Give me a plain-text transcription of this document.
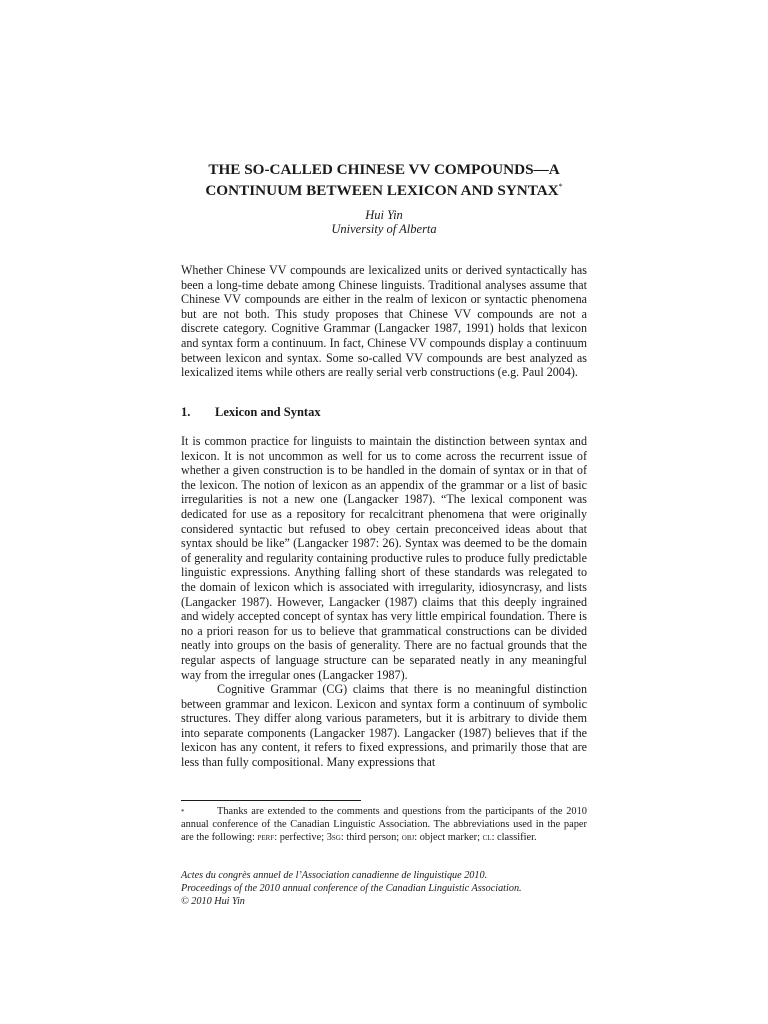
THE SO-CALLED CHINESE VV COMPOUNDS—A
CONTINUUM BETWEEN LEXICON AND SYNTAX*
Hui Yin
University of Alberta
Whether Chinese VV compounds are lexicalized units or derived syntactically has been a long-time debate among Chinese linguists. Traditional analyses assume that Chinese VV compounds are either in the realm of lexicon or syntactic phenomena but are not both. This study proposes that Chinese VV compounds are not a discrete category. Cognitive Grammar (Langacker 1987, 1991) holds that lexicon and syntax form a continuum. In fact, Chinese VV compounds display a continuum between lexicon and syntax. Some so-called VV compounds are best analyzed as lexicalized items while others are really serial verb constructions (e.g. Paul 2004).
1. Lexicon and Syntax

It is common practice for linguists to maintain the distinction between syntax and lexicon. It is not uncommon as well for us to come across the recurrent issue of whether a given construction is to be handled in the domain of syntax or in that of the lexicon. The notion of lexicon as an appendix of the grammar or a list of basic irregularities is not a new one (Langacker 1987). “The lexical component was dedicated for use as a repository for recalcitrant phenomena that were originally considered syntactic but refused to obey certain preconceived ideas about that syntax should be like” (Langacker 1987: 26). Syntax was deemed to be the domain of generality and regularity containing productive rules to produce fully predictable linguistic expressions. Anything falling short of these standards was relegated to the domain of lexicon which is associated with irregularity, idiosyncrasy, and lists (Langacker 1987). However, Langacker (1987) claims that this deeply ingrained and widely accepted concept of syntax has very little empirical foundation. There is no a priori reason for us to believe that grammatical constructions can be divided neatly into groups on the basis of generality. There are no factual grounds that the regular aspects of language structure can be separated neatly in any meaningful way from the irregular ones (Langacker 1987).

Cognitive Grammar (CG) claims that there is no meaningful distinction between grammar and lexicon. Lexicon and syntax form a continuum of symbolic structures. They differ along various parameters, but it is arbitrary to divide them into separate components (Langacker 1987). Langacker (1987) believes that if the lexicon has any content, it refers to fixed expressions, and primarily those that are less than fully compositional. Many expressions that

*	Thanks are extended to the comments and questions from the participants of the 2010 annual conference of the Canadian Linguistic Association. The abbreviations used in the paper are the following: perf: perfective; 3sg: third person; obj: object marker; cl: classifier.
Actes du congrès annuel de l’Association canadienne de linguistique 2010.
Proceedings of the 2010 annual conference of the Canadian Linguistic Association.
© 2010 Hui Yin
